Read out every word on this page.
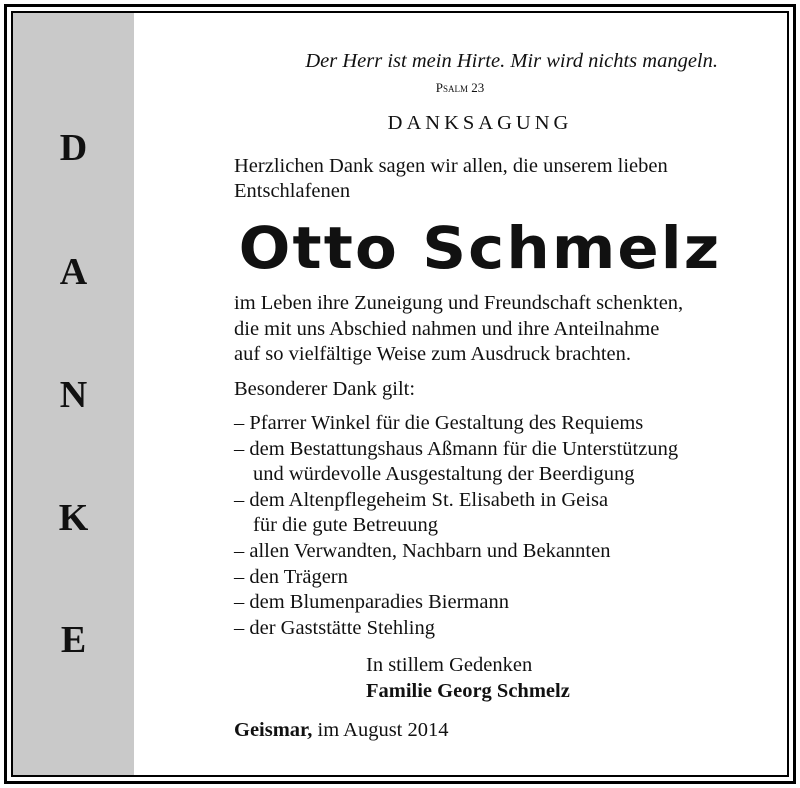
D
A
N
K
E
Der Herr ist mein Hirte. Mir wird nichts mangeln.
Psalm 23
DANKSAGUNG
Herzlichen Dank sagen wir allen, die unserem lieben
Entschlafenen
Otto Schmelz
im Leben ihre Zuneigung und Freundschaft schenkten,
die mit uns Abschied nahmen und ihre Anteilnahme
auf so vielfältige Weise zum Ausdruck brachten.
Besonderer Dank gilt:
– Pfarrer Winkel für die Gestaltung des Requiems
– dem Bestattungshaus Aßmann für die Unterstützung
und würdevolle Ausgestaltung der Beerdigung
– dem Altenpflegeheim St. Elisabeth in Geisa
für die gute Betreuung
– allen Verwandten, Nachbarn und Bekannten
– den Trägern
– dem Blumenparadies Biermann
– der Gaststätte Stehling
In stillem Gedenken
Familie Georg Schmelz
Geismar, im August 2014
